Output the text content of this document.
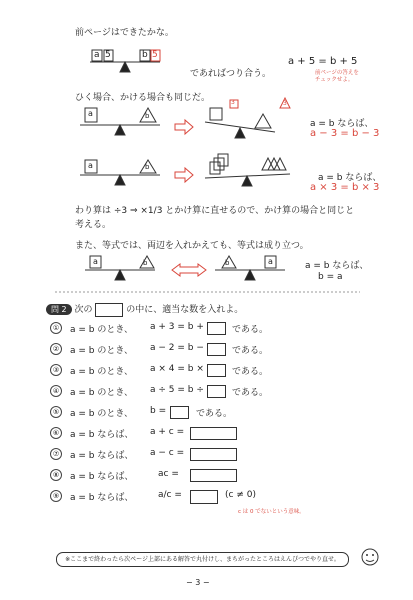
a 5	b 5
a	b
3	3
a	b
a	b	b	a
前ページはできたかな。
であればつり合う。
a + 5 = b + 5
前ページの答えをチェックせよ。
ひく場合、かける場合も同じだ。
a = b ならば、
a − 3 = b − 3
a = b ならば、
a × 3 = b × 3
わり算は ÷3 ⇒ ×1/3 とかけ算に直せるので、かけ算の場合と同じと
考える。
また、等式では、両辺を入れかえても、等式は成り立つ。
a = b ならば、
b = a
問 2 次の	の中に、適当な数を入れよ。
① a = b のとき、 a + 3 = b +	である。
② a = b のとき、 a − 2 = b −	である。
③ a = b のとき、 a × 4 = b ×	である。
④ a = b のとき、 a ÷ 5 = b ÷	である。
⑤ a = b のとき、 b =	である。
⑥ a = b ならば、 a + c =
⑦ a = b ならば、 a − c =
⑧ a = b ならば、	ac =
⑨ a = b ならば、	a/c =	(c ≠ 0)
c は 0 でないという意味。
※ここまで終わったら次ページ上部にある解答で丸付けし、まちがったところはえんぴつでやり直せ。
− 3 −
